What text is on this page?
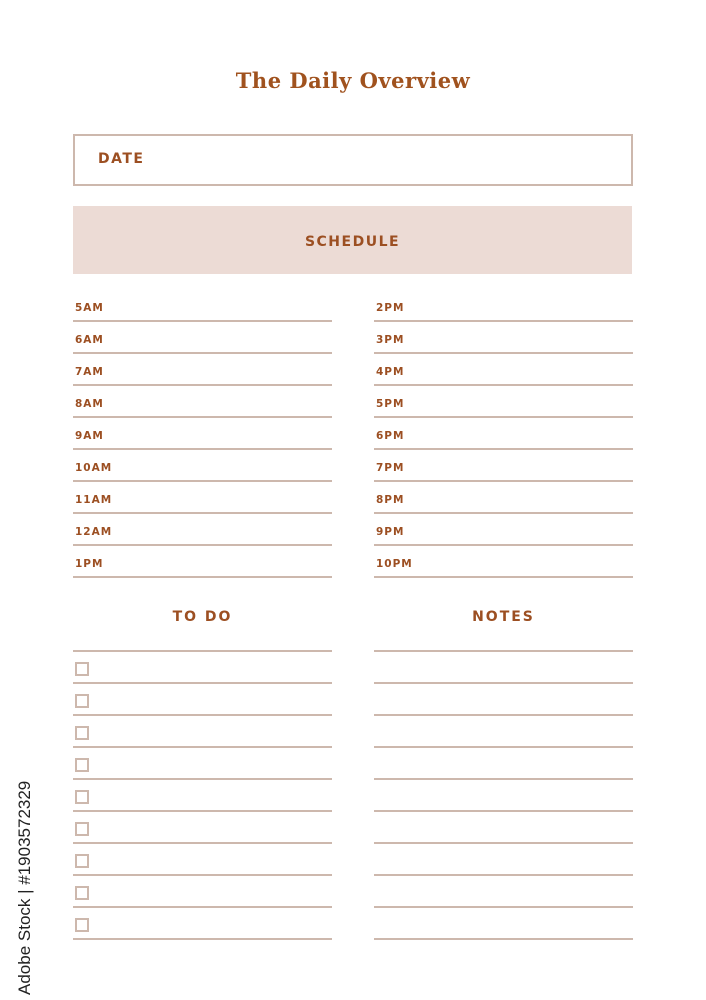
The Daily Overview
DATE
SCHEDULE
5AM
6AM
7AM
8AM
9AM
10AM
11AM
12AM
1PM
2PM
3PM
4PM
5PM
6PM
7PM
8PM
9PM
10PM
TO DO	NOTES
Adobe Stock | #1903572329
